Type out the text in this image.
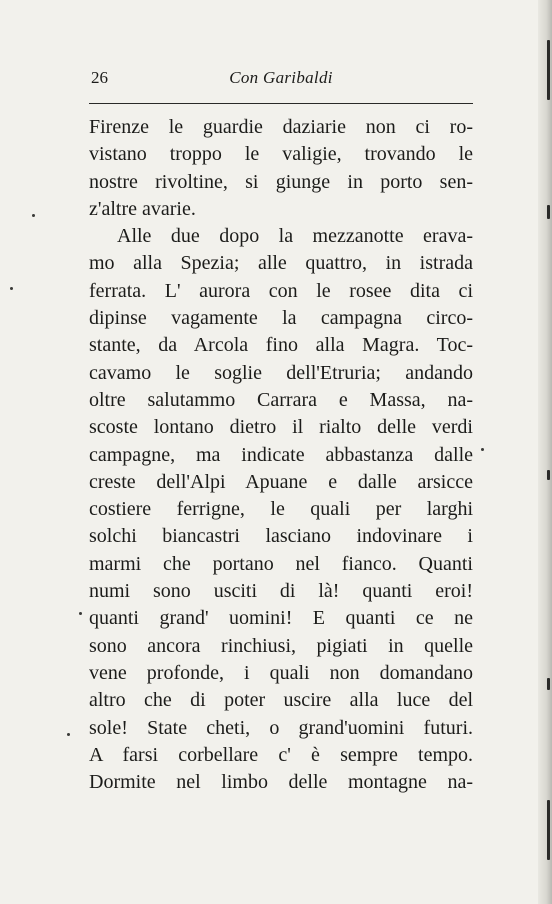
26	Con Garibaldi
Firenze le guardie daziarie non ci ro-
vistano troppo le valigie, trovando le
nostre rivoltine, si giunge in porto sen-
z'altre avarie.
Alle due dopo la mezzanotte erava-
mo alla Spezia; alle quattro, in istrada
ferrata. L' aurora con le rosee dita ci
dipinse vagamente la campagna circo-
stante, da Arcola fino alla Magra. Toc-
cavamo le soglie dell'Etruria; andando
oltre salutammo Carrara e Massa, na-
scoste lontano dietro il rialto delle verdi
campagne, ma indicate abbastanza dalle
creste dell'Alpi Apuane e dalle arsicce
costiere ferrigne, le quali per larghi
solchi biancastri lasciano indovinare i
marmi che portano nel fianco. Quanti
numi sono usciti di là! quanti eroi!
quanti grand' uomini! E quanti ce ne
sono ancora rinchiusi, pigiati in quelle
vene profonde, i quali non domandano
altro che di poter uscire alla luce del
sole! State cheti, o grand'uomini futuri.
A farsi corbellare c' è sempre tempo.
Dormite nel limbo delle montagne na-
